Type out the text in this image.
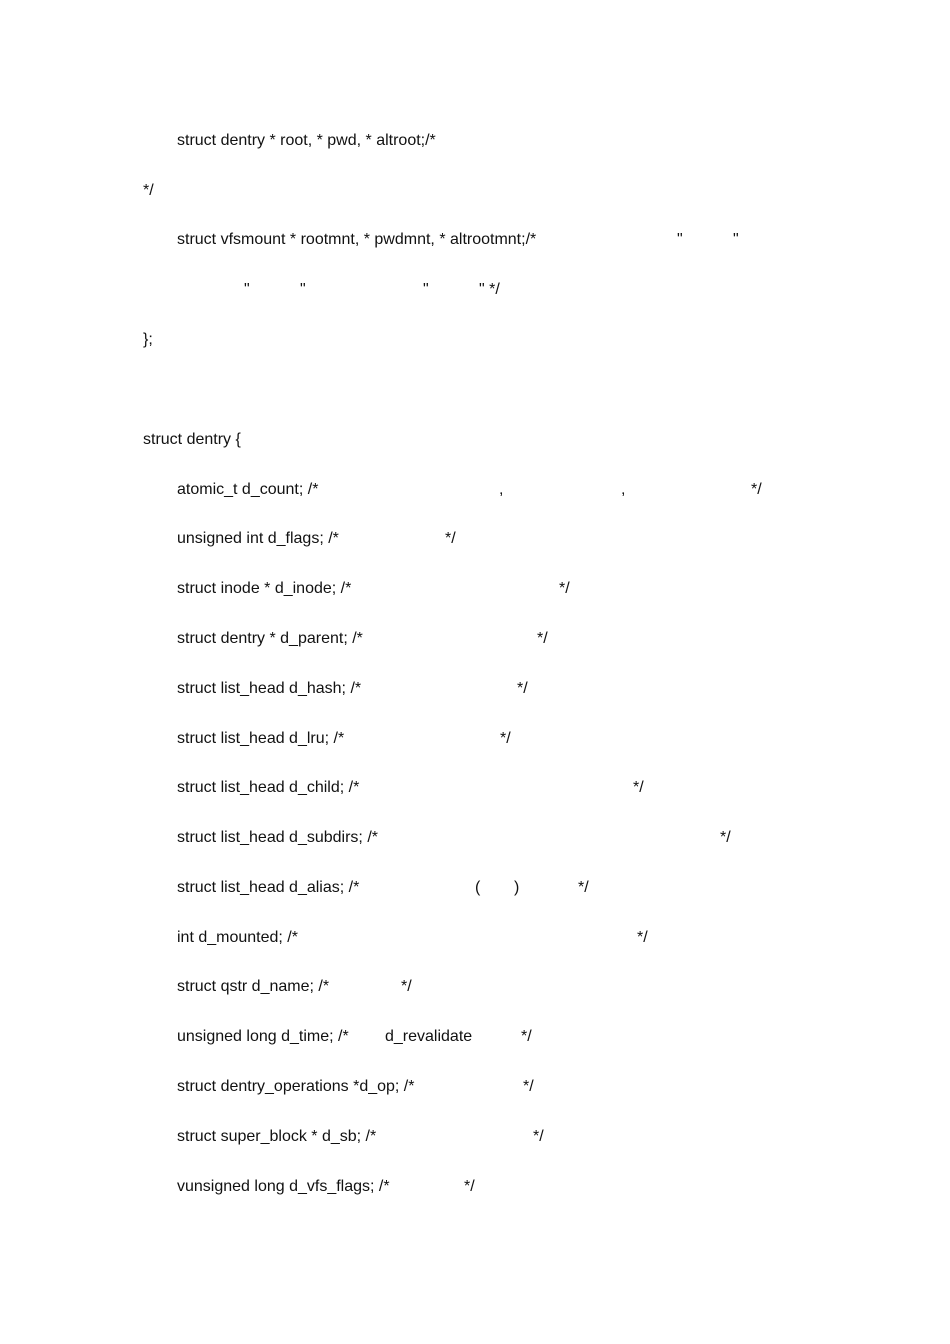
struct dentry * root, * pwd, * altroot;/*
*/
struct vfsmount * rootmnt, * pwdmnt, * altrootmnt;/*	"	"
"	"	"	" */
};
struct dentry {
atomic_t d_count; /*	,	,	*/
unsigned int d_flags; /*	*/
struct inode * d_inode; /*	*/
struct dentry * d_parent; /*	*/
struct list_head d_hash; /*	*/
struct list_head d_lru; /*	*/
struct list_head d_child; /*	*/
struct list_head d_subdirs; /*	*/
struct list_head d_alias; /*	( )	*/
int d_mounted; /*	*/
struct qstr d_name; /*	*/
unsigned long d_time; /* d_revalidate	*/
struct dentry_operations *d_op; /*	*/
struct super_block * d_sb; /*	*/
vunsigned long d_vfs_flags; /*	*/
